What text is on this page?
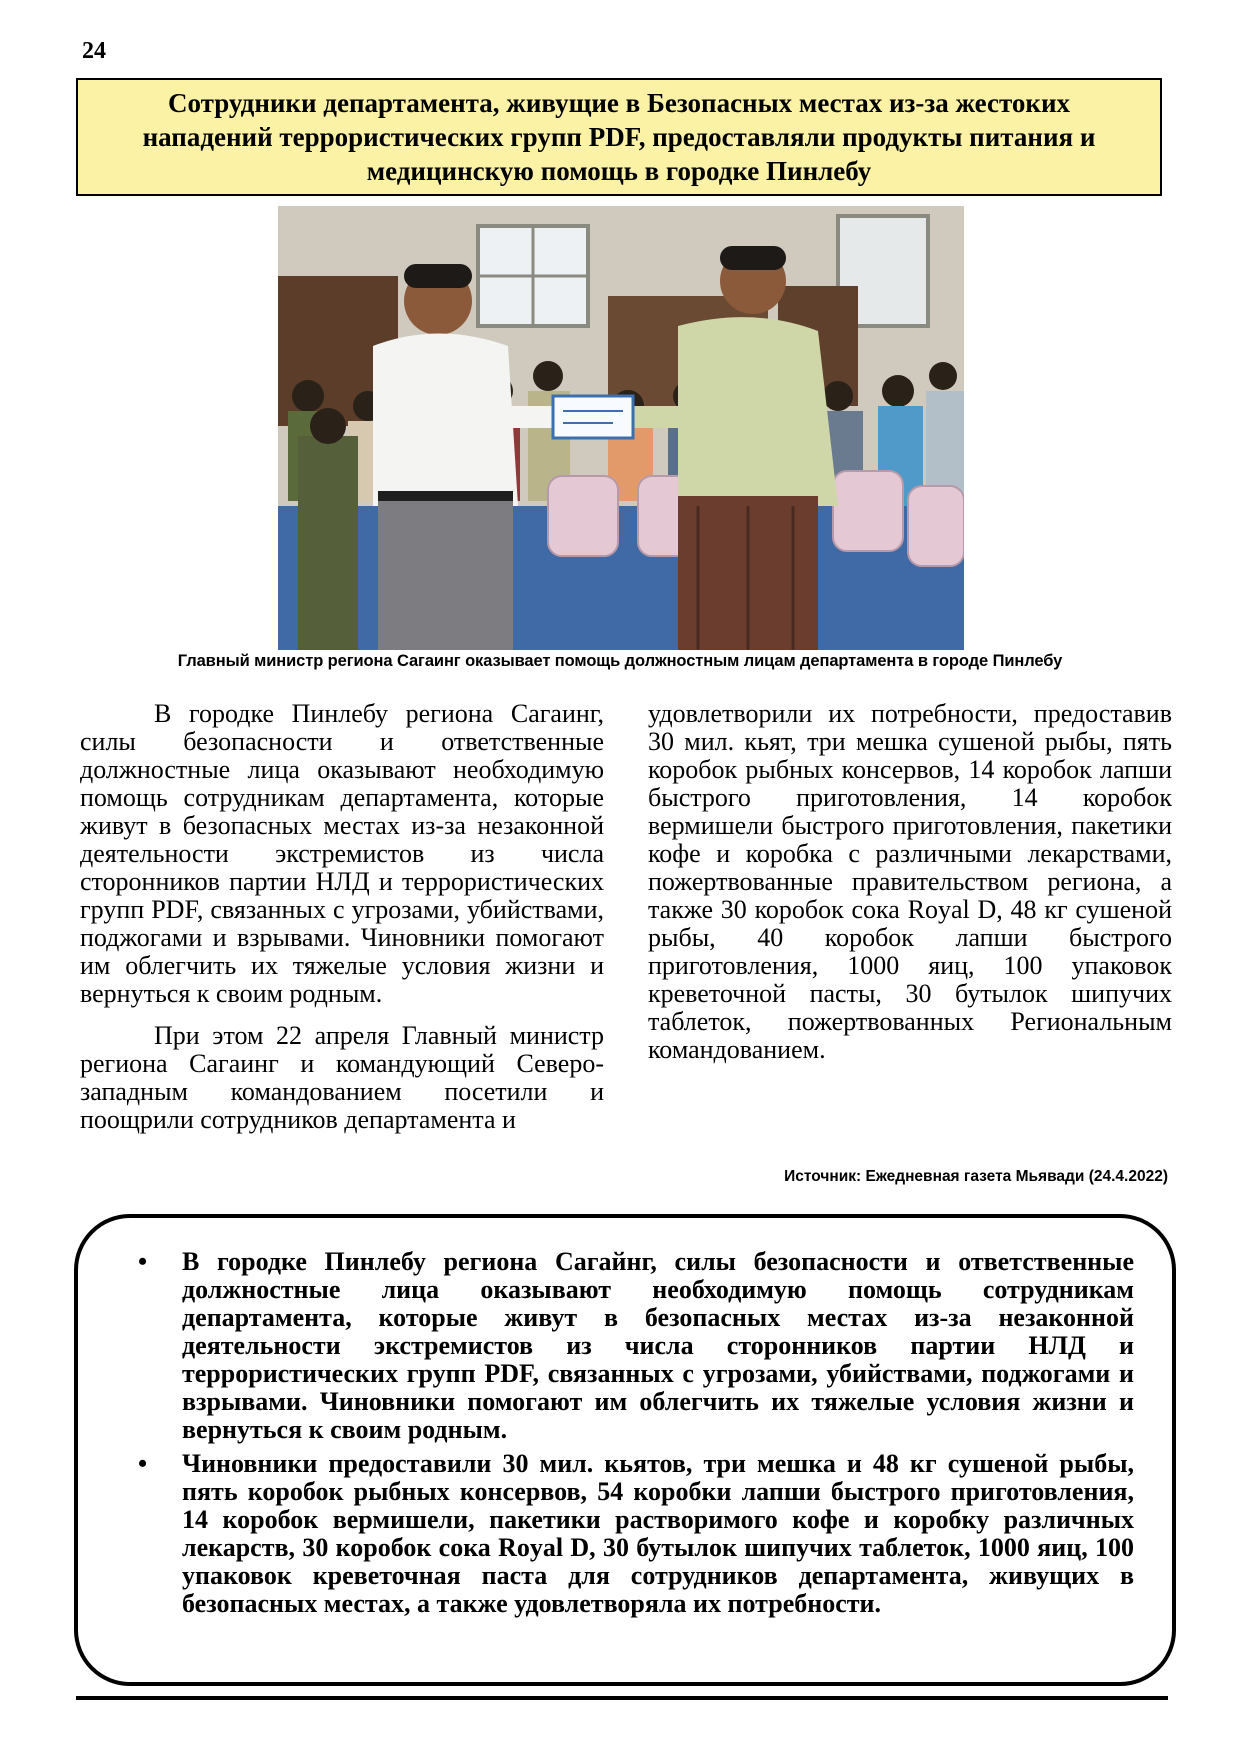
24
Сотрудники департамента, живущие в Безопасных местах из-за жестоких нападений террористических групп PDF, предоставляли продукты питания и медицинскую помощь в городке Пинлебу
Главный министр региона Сагаинг оказывает помощь должностным лицам департамента в городе Пинлебу

В городке Пинлебу региона Сагаинг, силы безопасности и ответственные должностные лица оказывают необходимую помощь сотрудникам департамента, которые живут в безопасных местах из-за незаконной деятельности экстремистов из числа сторонников партии НЛД и террористических групп PDF, связанных с угрозами, убийствами, поджогами и взрывами. Чиновники помогают им облегчить их тяжелые условия жизни и вернуться к своим родным.

При этом 22 апреля Главный министр региона Сагаинг и командующий Северо-западным командованием посетили и поощрили сотрудников департамента и

удовлетворили их потребности, предоставив 30 мил. кьят, три мешка сушеной рыбы, пять коробок рыбных консервов, 14 коробок лапши быстрого приготовления, 14 коробок вермишели быстрого приготовления, пакетики кофе и коробка с различными лекарствами, пожертвованные правительством региона, а также 30 коробок сока Royal D, 48 кг сушеной рыбы, 40 коробок лапши быстрого приготовления, 1000 яиц, 100 упаковок креветочной пасты, 30 бутылок шипучих таблеток, пожертвованных Региональным командованием.

Источник: Ежедневная газета Мьявади (24.4.2022)
• В городке Пинлебу региона Сагайнг, силы безопасности и ответственные должностные лица оказывают необходимую помощь сотрудникам департамента, которые живут в безопасных местах из-за незаконной деятельности экстремистов из числа сторонников партии НЛД и террористических групп PDF, связанных с угрозами, убийствами, поджогами и взрывами. Чиновники помогают им облегчить их тяжелые условия жизни и вернуться к своим родным.
• Чиновники предоставили 30 мил. кьятов, три мешка и 48 кг сушеной рыбы, пять коробок рыбных консервов, 54 коробки лапши быстрого приготовления, 14 коробок вермишели, пакетики растворимого кофе и коробку различных лекарств, 30 коробок сока Royal D, 30 бутылок шипучих таблеток, 1000 яиц, 100 упаковок креветочная паста для сотрудников департамента, живущих в безопасных местах, а также удовлетворяла их потребности.
